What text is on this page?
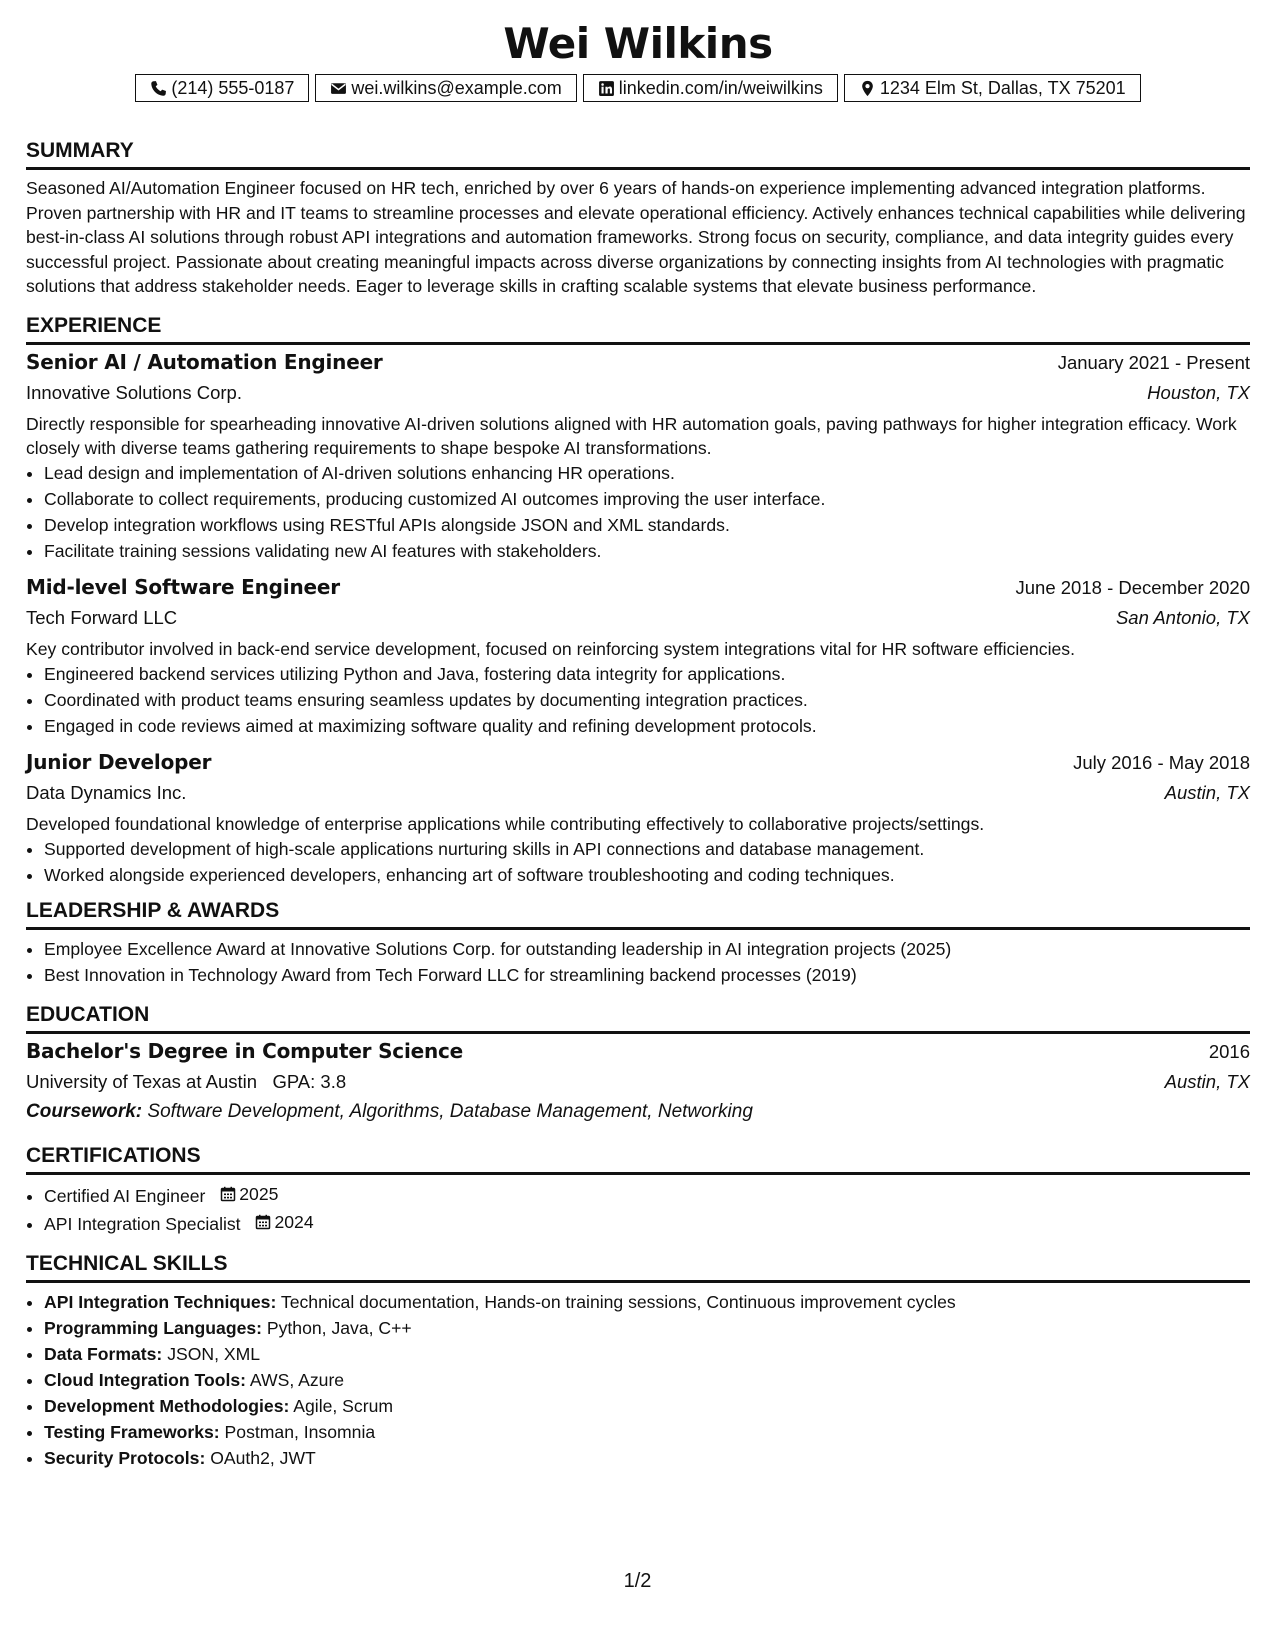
Wei Wilkins
(214) 555-0187	wei.wilkins@example.com	linkedin.com/in/weiwilkins	1234 Elm St, Dallas, TX 75201
SUMMARY

Seasoned AI/Automation Engineer focused on HR tech, enriched by over 6 years of hands-on experience implementing advanced integration platforms. Proven partnership with HR and IT teams to streamline processes and elevate operational efficiency. Actively enhances technical capabilities while delivering best-in-class AI solutions through robust API integrations and automation frameworks. Strong focus on security, compliance, and data integrity guides every successful project. Passionate about creating meaningful impacts across diverse organizations by connecting insights from AI technologies with pragmatic solutions that address stakeholder needs. Eager to leverage skills in crafting scalable systems that elevate business performance.

EXPERIENCE
Senior AI / Automation Engineer	January 2021 - Present
Innovative Solutions Corp.	Houston, TX

Directly responsible for spearheading innovative AI-driven solutions aligned with HR automation goals, paving pathways for higher integration efficacy. Work closely with diverse teams gathering requirements to shape bespoke AI transformations.

• Lead design and implementation of AI-driven solutions enhancing HR operations.
• Collaborate to collect requirements, producing customized AI outcomes improving the user interface.
• Develop integration workflows using RESTful APIs alongside JSON and XML standards.
• Facilitate training sessions validating new AI features with stakeholders.
Mid-level Software Engineer	June 2018 - December 2020
Tech Forward LLC	San Antonio, TX

Key contributor involved in back-end service development, focused on reinforcing system integrations vital for HR software efficiencies.

• Engineered backend services utilizing Python and Java, fostering data integrity for applications.
• Coordinated with product teams ensuring seamless updates by documenting integration practices.
• Engaged in code reviews aimed at maximizing software quality and refining development protocols.
Junior Developer	July 2016 - May 2018
Data Dynamics Inc.	Austin, TX

Developed foundational knowledge of enterprise applications while contributing effectively to collaborative projects/settings.

• Supported development of high-scale applications nurturing skills in API connections and database management.
• Worked alongside experienced developers, enhancing art of software troubleshooting and coding techniques.
LEADERSHIP & AWARDS
• Employee Excellence Award at Innovative Solutions Corp. for outstanding leadership in AI integration projects (2025)
• Best Innovation in Technology Award from Tech Forward LLC for streamlining backend processes (2019)
EDUCATION
Bachelor's Degree in Computer Science	2016
University of Texas at Austin GPA: 3.8	Austin, TX
Coursework: Software Development, Algorithms, Database Management, Networking
CERTIFICATIONS
• Certified AI Engineer 2025
• API Integration Specialist 2024
TECHNICAL SKILLS
• API Integration Techniques: Technical documentation, Hands-on training sessions, Continuous improvement cycles
• Programming Languages: Python, Java, C++
• Data Formats: JSON, XML
• Cloud Integration Tools: AWS, Azure
• Development Methodologies: Agile, Scrum
• Testing Frameworks: Postman, Insomnia
• Security Protocols: OAuth2, JWT
1/2
